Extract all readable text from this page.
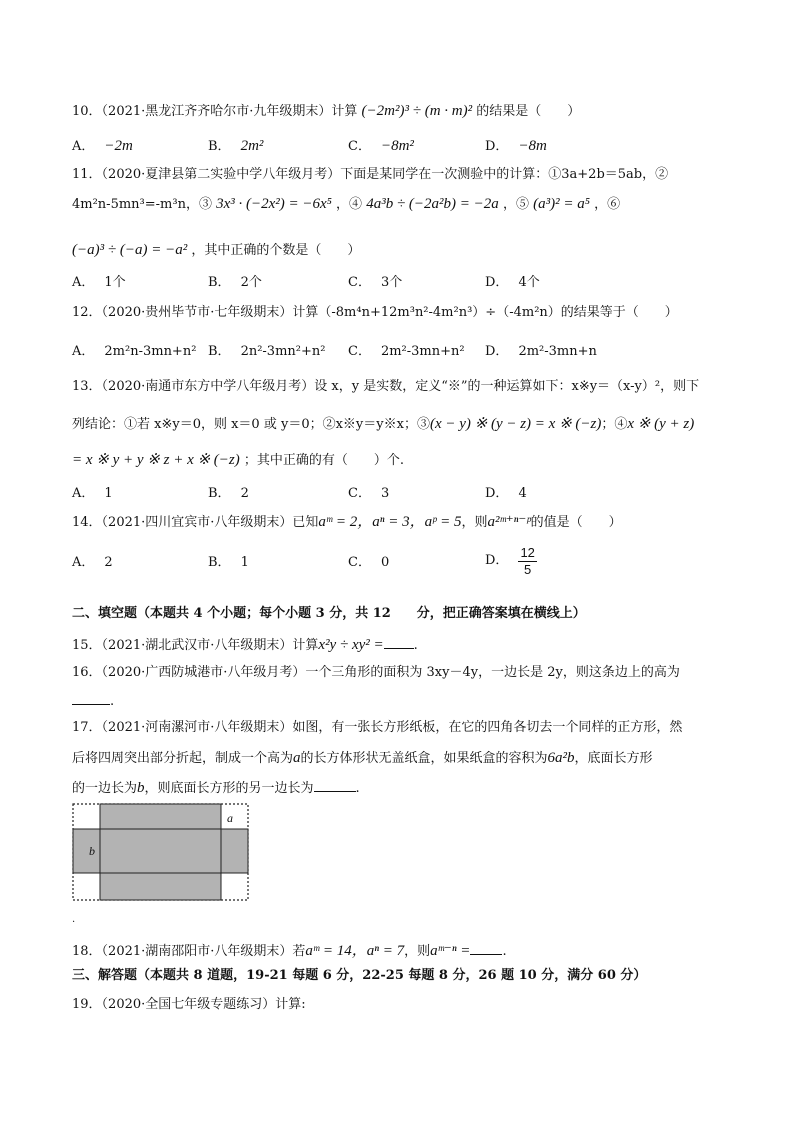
10．（2021·黑龙江齐齐哈尔市·九年级期末）计算 (−2m²)³ ÷ (m · m)² 的结果是（　　）
A． −2m	B． 2m²	C． −8m²	D． −8m
11．（2020·夏津县第二实验中学八年级月考）下面是某同学在一次测验中的计算：①3a+2b＝5ab，②
4m²n-5mn³=-m³n，③ 3x³ · (−2x²) = −6x⁵ ，④ 4a³b ÷ (−2a²b) = −2a ，⑤ (a³)² = a⁵ ，⑥
(−a)³ ÷ (−a) = −a² ，其中正确的个数是（　　）
A． 1个	B． 2个	C． 3个	D． 4个
12．（2020·贵州毕节市·七年级期末）计算（-8m⁴n+12m³n²-4m²n³）÷（-4m²n）的结果等于（　　）
A． 2m²n-3mn+n² B． 2n²-3mn²+n² C． 2m²-3mn+n² D． 2m²-3mn+n
13．（2020·南通市东方中学八年级月考）设 x，y 是实数，定义“※”的一种运算如下：x※y＝（x-y）²，则下
列结论：①若 x※y＝0，则 x＝0 或 y＝0；②x※y＝y※x；③(x − y) ※ (y − z) = x ※ (−z)；④x ※ (y + z)
= x ※ y + y ※ z + x ※ (−z) ；其中正确的有（　　）个.
A． 1	B． 2	C． 3	D． 4
14．（2021·四川宜宾市·八年级期末）已知aᵐ = 2，aⁿ = 3，aᵖ = 5，则a²ᵐ⁺ⁿ⁻ᵖ的值是（　　）
A． 2	B． 1	C． 0	D． $\frac{12}{5}$
二、填空题（本题共 4 个小题；每个小题 3 分，共 12　　分，把正确答案填在横线上）
15．（2021·湖北武汉市·八年级期末）计算x²y ÷ xy² = .
16．（2020·广西防城港市·八年级月考）一个三角形的面积为 3xy－4y，一边长是 2y，则这条边上的高为
.
17．（2021·河南漯河市·八年级期末）如图，有一张长方形纸板，在它的四角各切去一个同样的正方形，然
后将四周突出部分折起，制成一个高为a的长方体形状无盖纸盒，如果纸盒的容积为6a²b，底面长方形
的一边长为b，则底面长方形的另一边长为	.
a
b
.
18．（2021·湖南邵阳市·八年级期末）若aᵐ = 14，aⁿ = 7，则aᵐ⁻ⁿ = .
三、解答题（本题共 8 道题，19-21 每题 6 分，22-25 每题 8 分，26 题 10 分，满分 60 分）
19．（2020·全国七年级专题练习）计算:
